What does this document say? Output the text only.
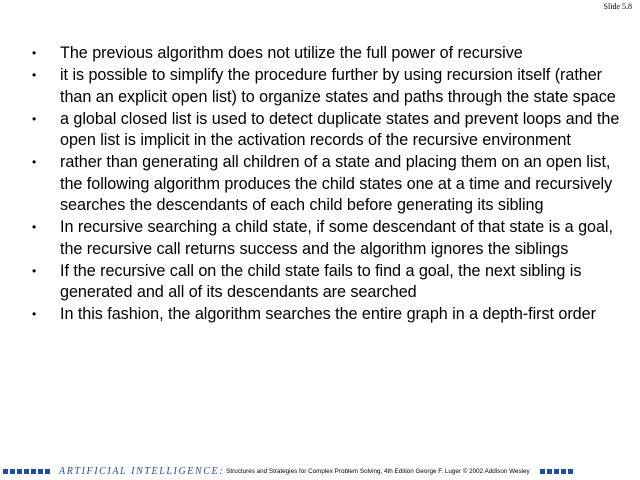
Slide 5.8
•	The previous algorithm does not utilize the full power of recursive
•	it is possible to simplify the procedure further by using recursion itself (rather than an explicit open list) to organize states and paths through the state space
•	a global closed list is used to detect duplicate states and prevent loops and the open list is implicit in the activation records of the recursive environment
•	rather than generating all children of a state and placing them on an open list, the following algorithm produces the child states one at a time and recursively searches the descendants of each child before generating its sibling
•	In recursive searching a child state, if some descendant of that state is a goal, the recursive call returns success and the algorithm ignores the siblings
•	If the recursive call on the child state fails to find a goal, the next sibling is generated and all of its descendants are searched
•	In this fashion, the algorithm searches the entire graph in a depth-first order
ARTIFICIAL INTELLIGENCE: Structures and Strategies for Complex Problem Solving, 4th Edition George F. Luger © 2002 Addison Wesley
